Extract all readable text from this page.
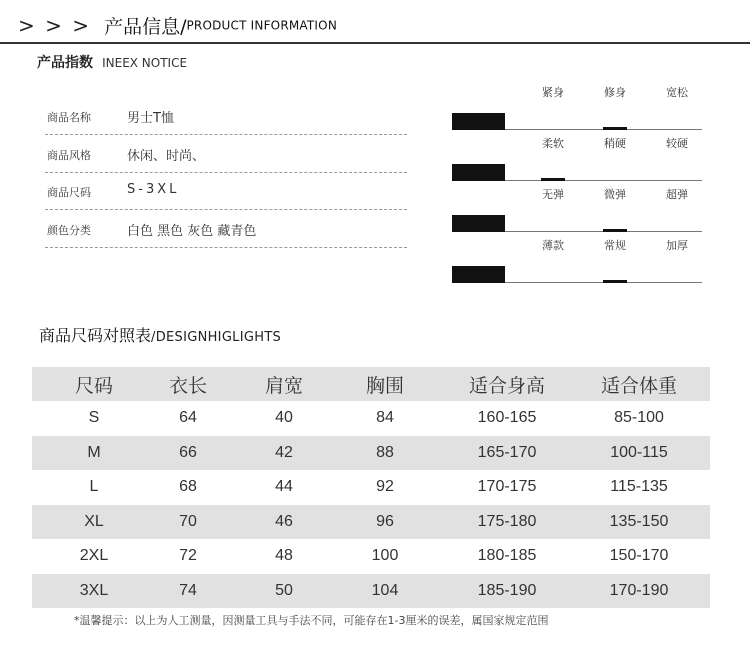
> > > 产品信息/PRODUCT INFORMATION
产品指数 INEEX NOTICE
商品名称	男士T恤
商品风格	休闲、时尚、
商品尺码	S-3XL
颜色分类	白色 黑色 灰色 藏青色
紧身	修身	宽松
柔软	稍硬	较硬
无弹	微弹	超弹
薄款	常规	加厚
商品尺码对照表/DESIGNHIGLIGHTS
尺码	衣长	肩宽	胸围	适合身高	适合体重
S	64	40	84	160-165	85-100
M	66	42	88	165-170	100-115
L	68	44	92	170-175	115-135
XL	70	46	96	175-180	135-150
2XL	72	48	100	180-185	150-170
3XL	74	50	104	185-190	170-190
*温馨提示：以上为人工测量，因测量工具与手法不同，可能存在1-3厘米的误差，属国家规定范围
